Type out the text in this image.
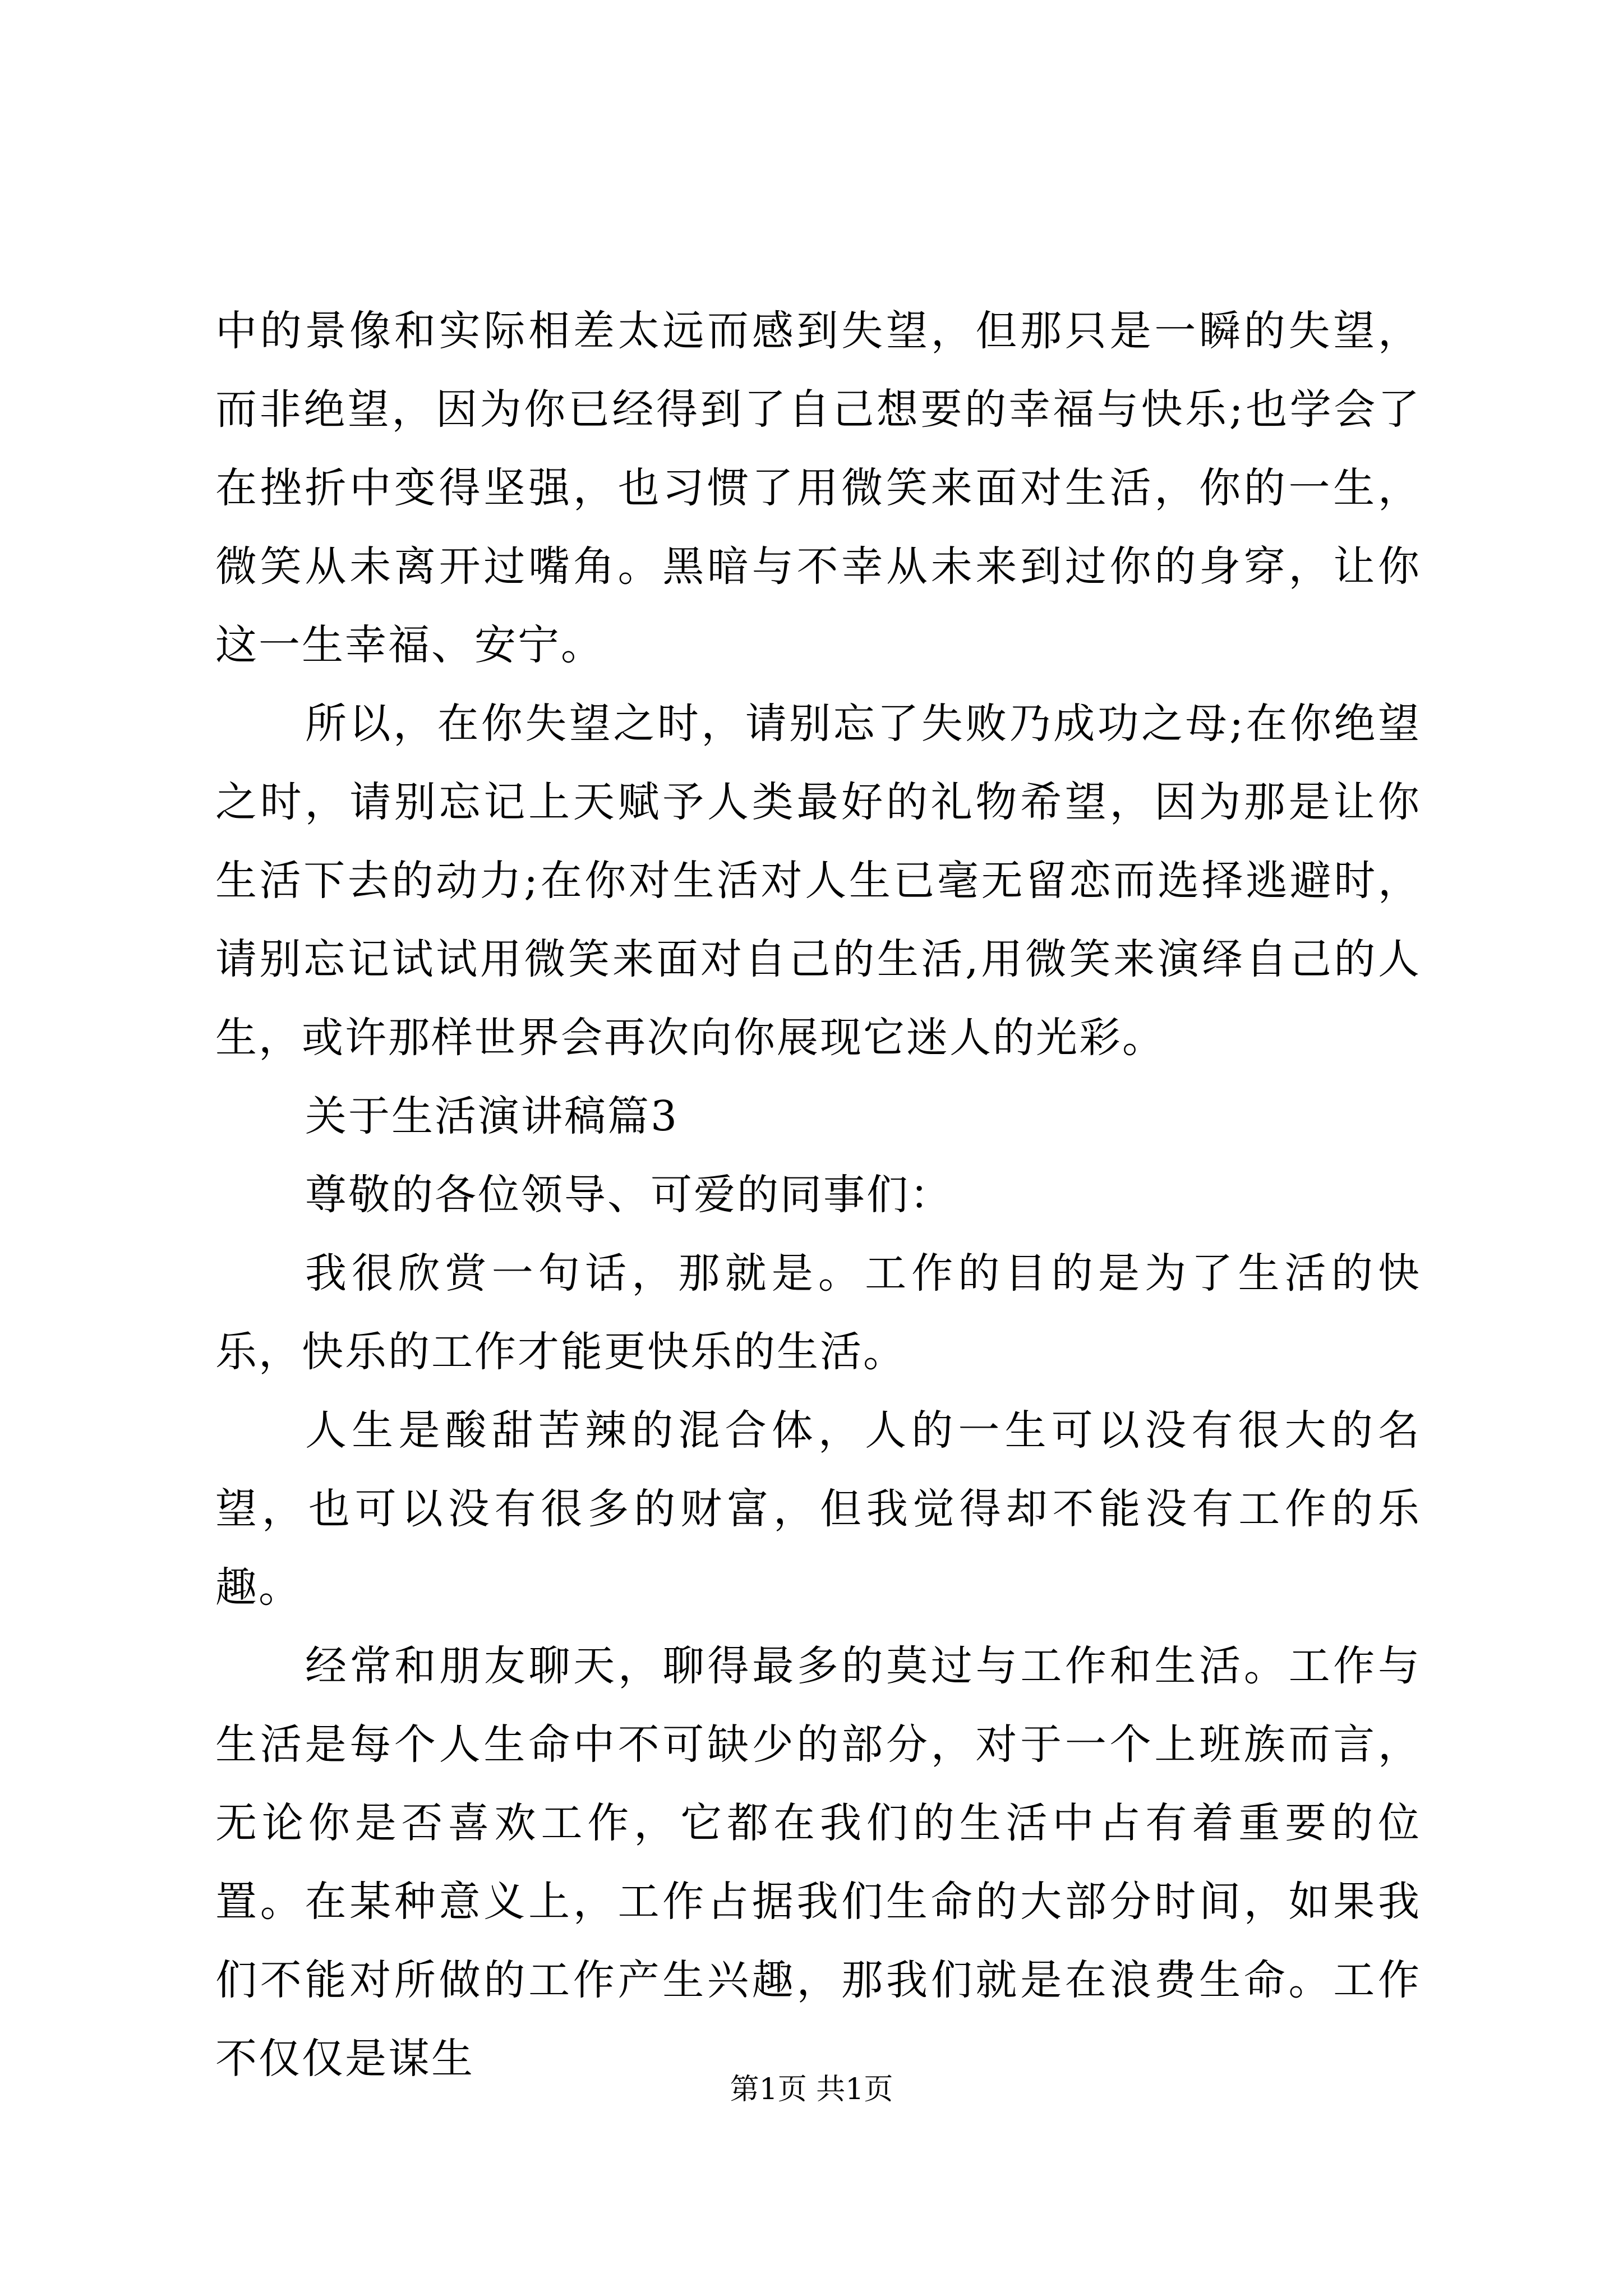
中的景像和实际相差太远而感到失望，但那只是一瞬的失望，而非绝望，因为你已经得到了自己想要的幸福与快乐;也学会了在挫折中变得坚强，也习惯了用微笑来面对生活，你的一生，微笑从未离开过嘴角。黑暗与不幸从未来到过你的身穿，让你这一生幸福、安宁。

所以，在你失望之时，请别忘了失败乃成功之母;在你绝望之时，请别忘记上天赋予人类最好的礼物希望，因为那是让你生活下去的动力;在你对生活对人生已毫无留恋而选择逃避时，请别忘记试试用微笑来面对自己的生活,用微笑来演绎自己的人生，或许那样世界会再次向你展现它迷人的光彩。

关于生活演讲稿篇3

尊敬的各位领导、可爱的同事们：

我很欣赏一句话，那就是。工作的目的是为了生活的快乐，快乐的工作才能更快乐的生活。

人生是酸甜苦辣的混合体，人的一生可以没有很大的名望，也可以没有很多的财富，但我觉得却不能没有工作的乐趣。

经常和朋友聊天，聊得最多的莫过与工作和生活。工作与生活是每个人生命中不可缺少的部分，对于一个上班族而言，无论你是否喜欢工作，它都在我们的生活中占有着重要的位置。在某种意义上，工作占据我们生命的大部分时间，如果我们不能对所做的工作产生兴趣，那我们就是在浪费生命。工作不仅仅是谋生

第1页 共1页
